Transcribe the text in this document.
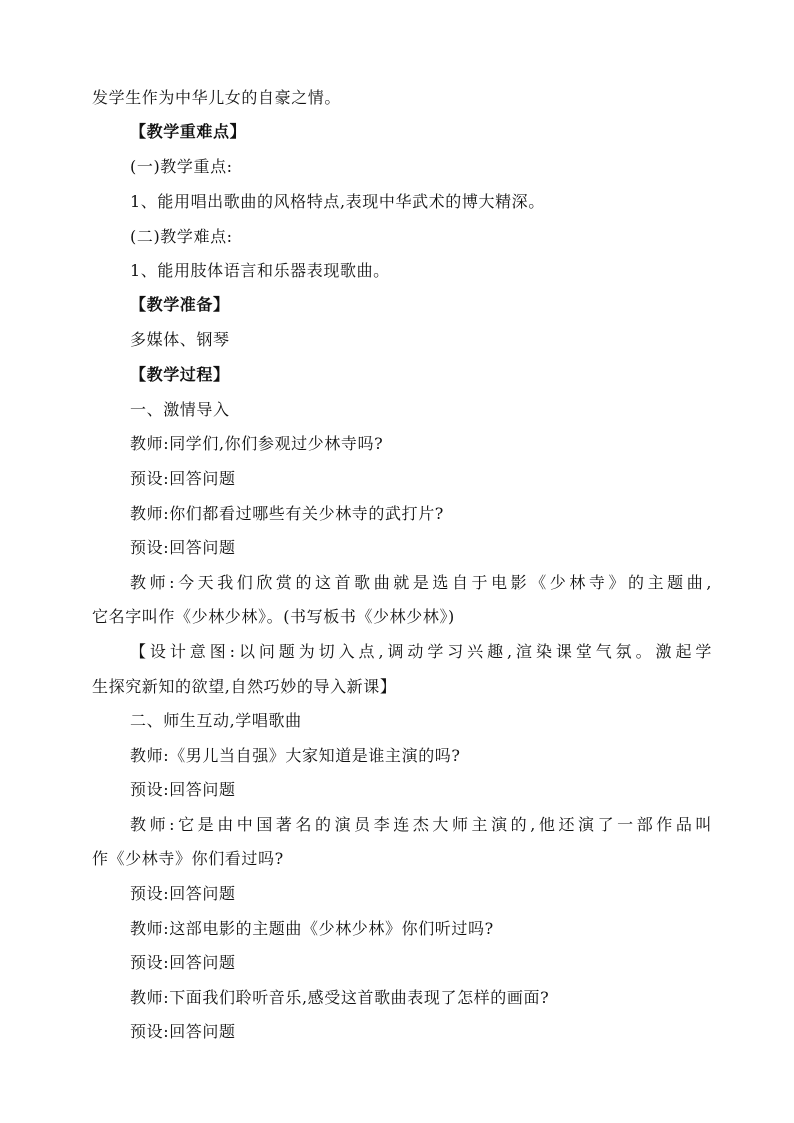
发学生作为中华儿女的自豪之情。
【教学重难点】
(一)教学重点:
1、能用唱出歌曲的风格特点,表现中华武术的博大精深。
(二)教学难点:
1、能用肢体语言和乐器表现歌曲。
【教学准备】
多媒体、钢琴
【教学过程】
一、激情导入
教师:同学们,你们参观过少林寺吗?
预设:回答问题
教师:你们都看过哪些有关少林寺的武打片?
预设:回答问题
教师:今天我们欣赏的这首歌曲就是选自于电影《少林寺》的主题曲,
它名字叫作《少林少林》。(书写板书《少林少林》)
【设计意图:以问题为切入点,调动学习兴趣,渲染课堂气氛。激起学
生探究新知的欲望,自然巧妙的导入新课】
二、师生互动,学唱歌曲
教师:《男儿当自强》大家知道是谁主演的吗?
预设:回答问题
教师:它是由中国著名的演员李连杰大师主演的,他还演了一部作品叫
作《少林寺》你们看过吗?
预设:回答问题
教师:这部电影的主题曲《少林少林》你们听过吗?
预设:回答问题
教师:下面我们聆听音乐,感受这首歌曲表现了怎样的画面?
预设:回答问题
